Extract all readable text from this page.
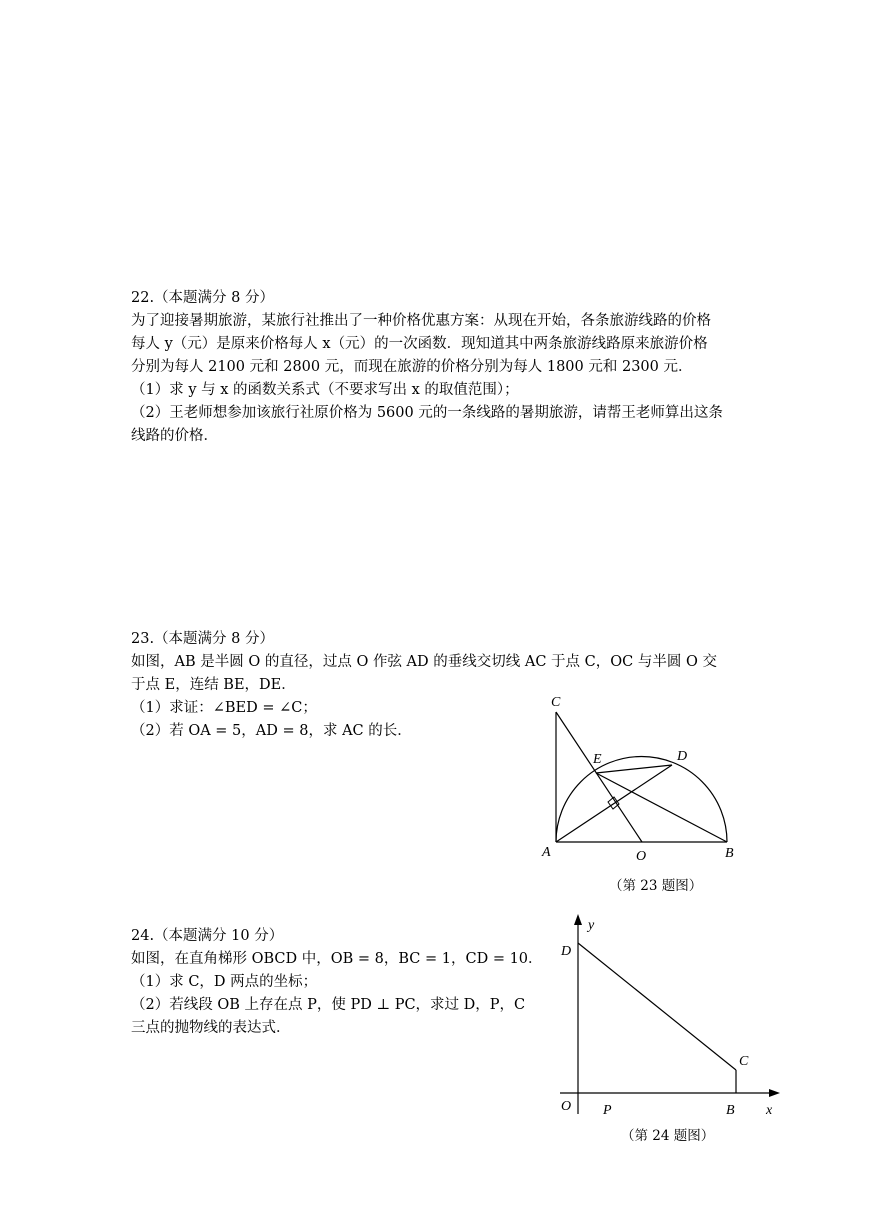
22.（本题满分 8 分）
为了迎接暑期旅游，某旅行社推出了一种价格优惠方案：从现在开始，各条旅游线路的价格
每人 y（元）是原来价格每人 x（元）的一次函数．现知道其中两条旅游线路原来旅游价格
分别为每人 2100 元和 2800 元，而现在旅游的价格分别为每人 1800 元和 2300 元．
（1）求 y 与 x 的函数关系式（不要求写出 x 的取值范围）；
（2）王老师想参加该旅行社原价格为 5600 元的一条线路的暑期旅游，请帮王老师算出这条
线路的价格．
23.（本题满分 8 分）
如图，AB 是半圆 O 的直径，过点 O 作弦 AD 的垂线交切线 AC 于点 C，OC 与半圆 O 交
于点 E，连结 BE，DE．
（1）求证：∠BED = ∠C；
（2）若 OA = 5，AD = 8，求 AC 的长．
C
E	D
A	O	B
（第 23 题图）
24.（本题满分 10 分）
如图，在直角梯形 OBCD 中，OB = 8，BC = 1，CD = 10．
（1）求 C，D 两点的坐标；
（2）若线段 OB 上存在点 P，使 PD ⊥ PC，求过 D，P，C
三点的抛物线的表达式．
y
D
C
O P	B x
（第 24 题图）
